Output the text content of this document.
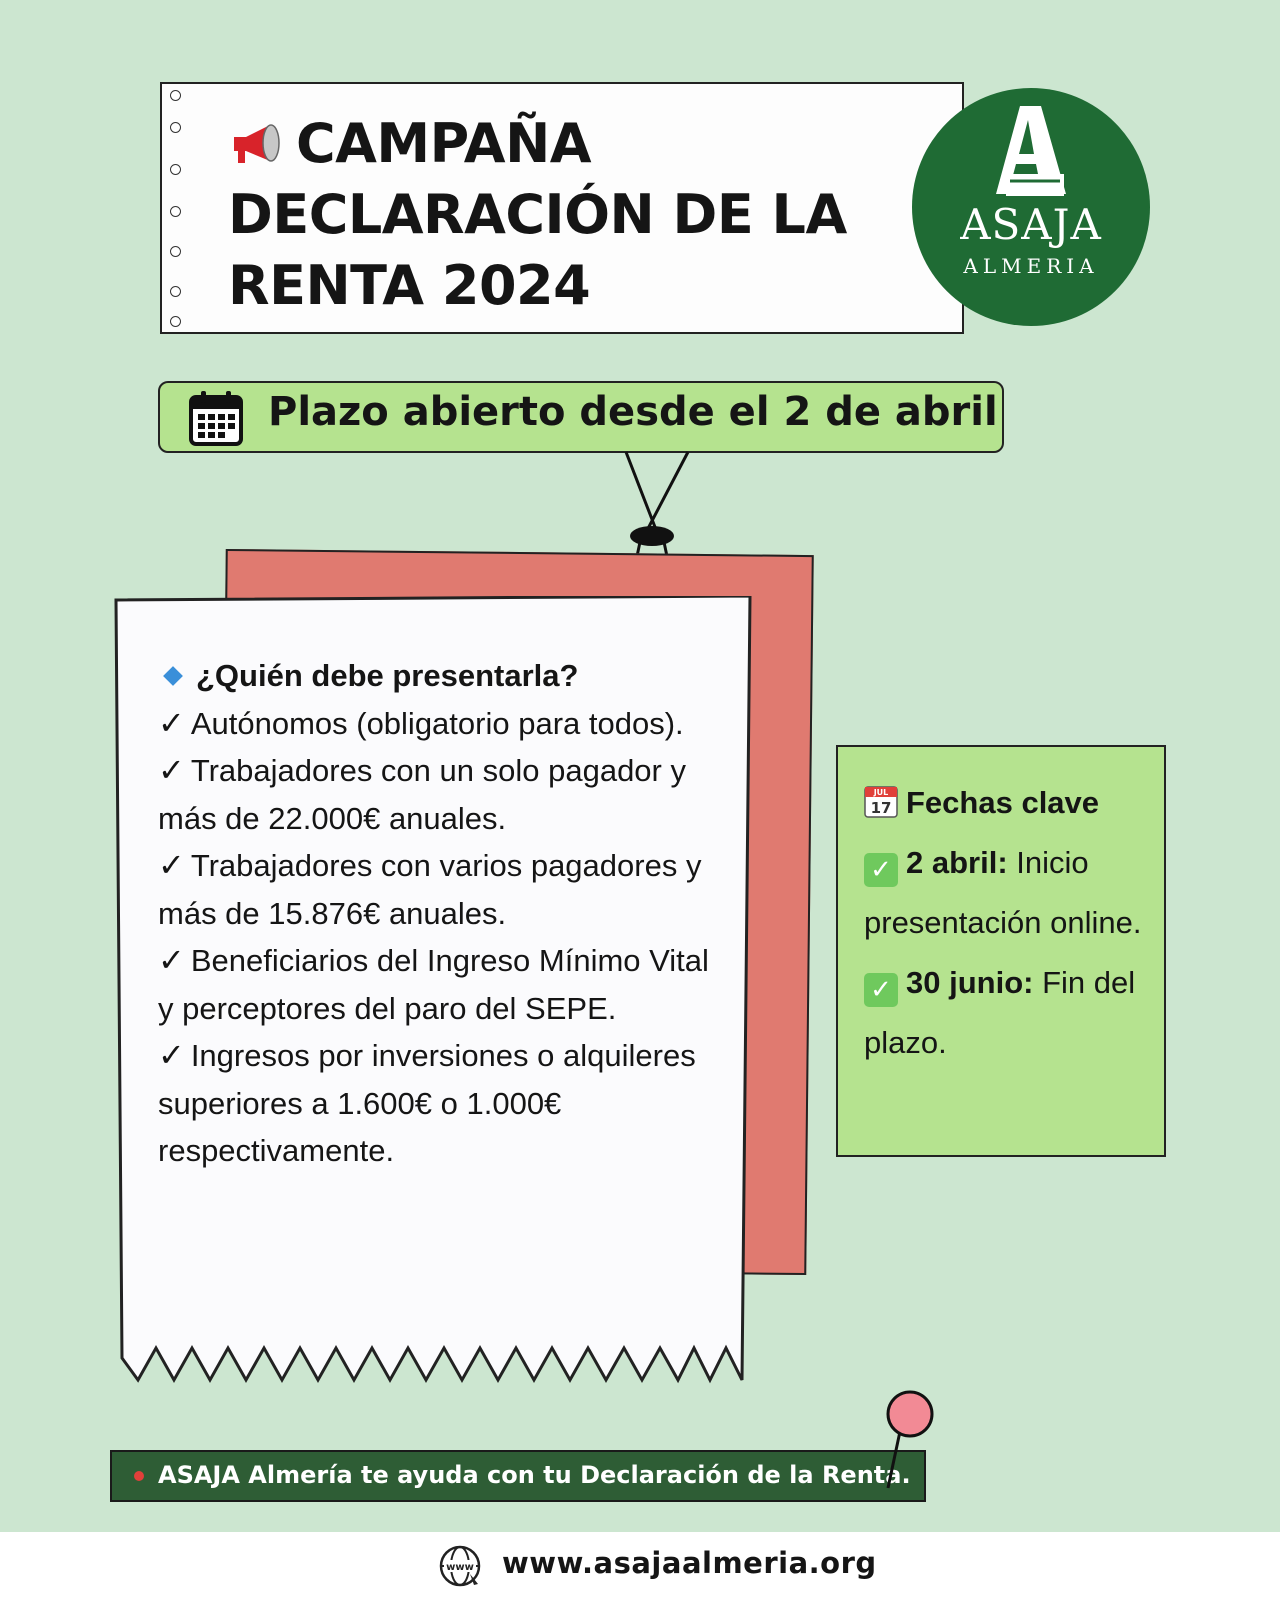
CAMPAÑA
DECLARACIÓN DE LA
RENTA 2024
ASAJA
ALMERIA
Plazo abierto desde el 2 de abril
¿Quién debe presentarla?

✓ Autónomos (obligatorio para todos).

✓ Trabajadores con un solo pagador y más de 22.000€ anuales.

✓ Trabajadores con varios pagadores y más de 15.876€ anuales.

✓ Beneficiarios del Ingreso Mínimo Vital y perceptores del paro del SEPE.

✓ Ingresos por inversiones o alquileres superiores a 1.600€ o 1.000€ respectivamente.

JUL
17 Fechas clave
✓ 2 abril: Inicio presentación online.
✓ 30 junio: Fin del plazo.
ASAJA Almería te ayuda con tu Declaración de la Renta.
www www.asajaalmeria.org
